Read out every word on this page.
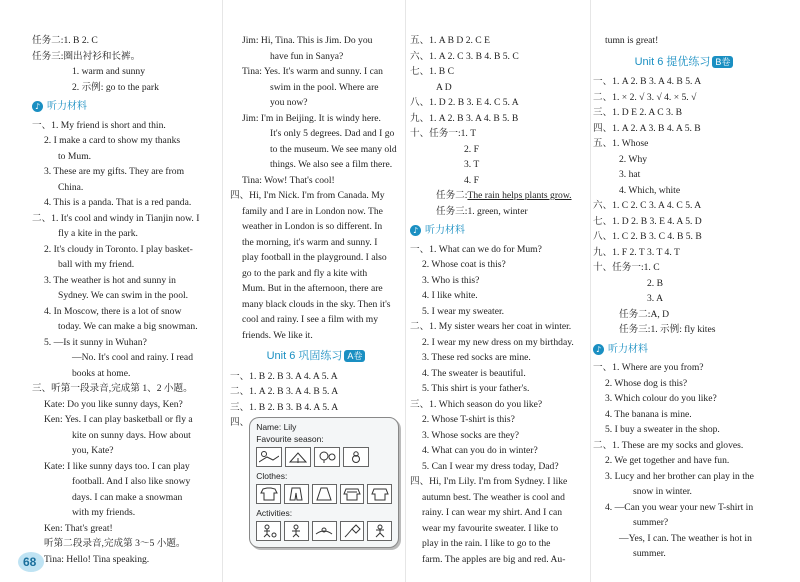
任务二:1. B 2. C
任务三:圈出衬衫和长裤。
1. warm and sunny
2. 示例: go to the park
♪ 听力材料
一、1. My friend is short and thin.
2. I make a card to show my thanks
to Mum.
3. These are my gifts. They are from
China.
4. This is a panda. That is a red panda.
二、1. It's cool and windy in Tianjin now. I
fly a kite in the park.
2. It's cloudy in Toronto. I play basket-
ball with my friend.
3. The weather is hot and sunny in
Sydney. We can swim in the pool.
4. In Moscow, there is a lot of snow
today. We can make a big snowman.
5. —Is it sunny in Wuhan?
—No. It's cool and rainy. I read
books at home.
三、听第一段录音,完成第 1、2 小题。
Kate: Do you like sunny days, Ken?
Ken: Yes. I can play basketball or fly a
kite on sunny days. How about
you, Kate?
Kate: I like sunny days too. I can play
football. And I also like snowy
days. I can make a snowman
with my friends.
Ken: That's great!
听第二段录音,完成第 3～5 小题。
Tina: Hello! Tina speaking.
68
Jim: Hi, Tina. This is Jim. Do you
have fun in Sanya?
Tina: Yes. It's warm and sunny. I can
swim in the pool. Where are
you now?
Jim: I'm in Beijing. It is windy here.
It's only 5 degrees. Dad and I go
to the museum. We see many old
things. We also see a film there.
Tina: Wow! That's cool!
四、Hi, I'm Nick. I'm from Canada. My
family and I are in London now. The
weather in London is so different. In
the morning, it's warm and sunny. I
play football in the playground. I also
go to the park and fly a kite with
Mum. But in the afternoon, there are
many black clouds in the sky. Then it's
cool and rainy. I see a film with my
friends. We like it.
Unit 6 巩固练习 A卷
一、1. B 2. B 3. A 4. A 5. A
二、1. A 2. B 3. A 4. B 5. A
三、1. B 2. B 3. B 4. A 5. A
四、 Name: Lily
Favourite season:
Clothes:
Activities:
五、1. A B D 2. C E
六、1. A 2. C 3. B 4. B 5. C
七、1. B C
A D
八、1. D 2. B 3. E 4. C 5. A
九、1. A 2. B 3. A 4. B 5. B
十、任务一:1. T
2. F
3. T
4. F
任务二:The rain helps plants grow.
任务三:1. green, winter
♪ 听力材料
一、1. What can we do for Mum?
2. Whose coat is this?
3. Who is this?
4. I like white.
5. I wear my sweater.
二、1. My sister wears her coat in winter.
2. I wear my new dress on my birthday.
3. These red socks are mine.
4. The sweater is beautiful.
5. This shirt is your father's.
三、1. Which season do you like?
2. Whose T-shirt is this?
3. Whose socks are they?
4. What can you do in winter?
5. Can I wear my dress today, Dad?
四、Hi, I'm Lily. I'm from Sydney. I like
autumn best. The weather is cool and
rainy. I can wear my shirt. And I can
wear my favourite sweater. I like to
play in the rain. I like to go to the
farm. The apples are big and red. Au-
tumn is great!
Unit 6 提优练习 B卷
一、1. A 2. B 3. A 4. B 5. A
二、1. × 2. √ 3. √ 4. × 5. √
三、1. D E 2. A C 3. B
四、1. A 2. A 3. B 4. A 5. B
五、1. Whose
2. Why
3. hat
4. Which, white
六、1. C 2. C 3. A 4. C 5. A
七、1. D 2. B 3. E 4. A 5. D
八、1. C 2. B 3. C 4. B 5. B
九、1. F 2. T 3. T 4. T
十、任务一:1. C
2. B
3. A
任务二:A, D
任务三:1. 示例: fly kites
♪ 听力材料
一、1. Where are you from?
2. Whose dog is this?
3. Which colour do you like?
4. The banana is mine.
5. I buy a sweater in the shop.
二、1. These are my socks and gloves.
2. We get together and have fun.
3. Lucy and her brother can play in the
snow in winter.
4. —Can you wear your new T-shirt in
summer?
—Yes, I can. The weather is hot in
summer.
